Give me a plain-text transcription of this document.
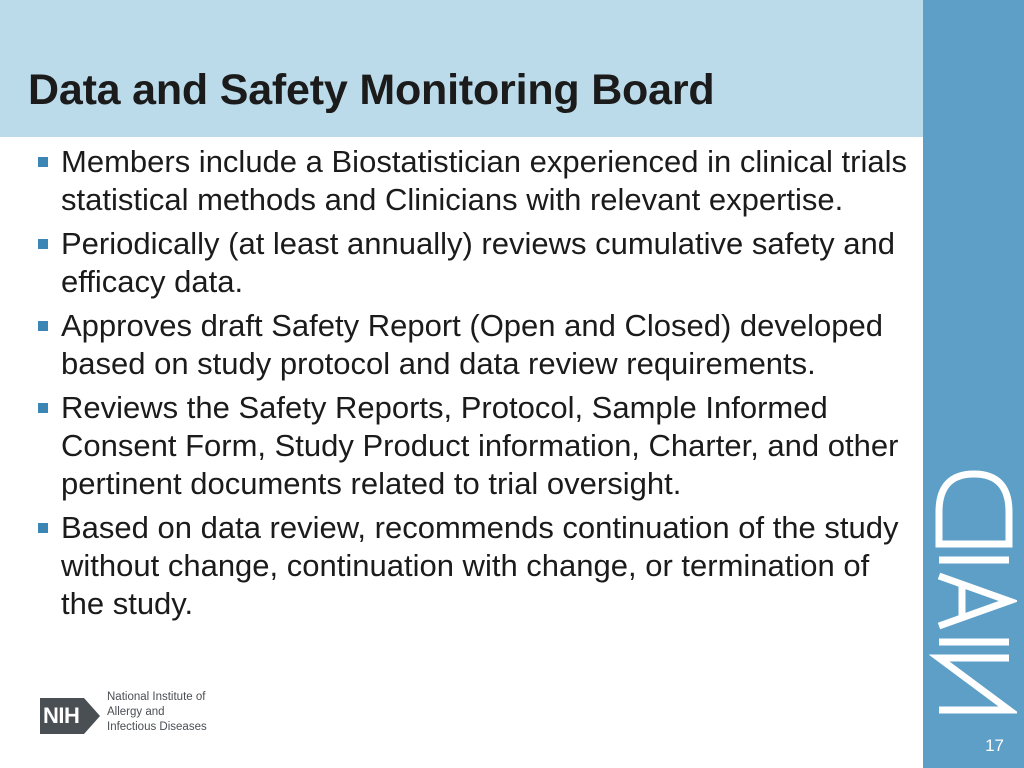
Data and Safety Monitoring Board
17
Members include a Biostatistician experienced in clinical trials statistical methods and Clinicians with relevant expertise.
Periodically (at least annually) reviews cumulative safety and efficacy data.
Approves draft Safety Report (Open and Closed) developed based on study protocol and data review requirements.
Reviews the Safety Reports, Protocol, Sample Informed Consent Form, Study Product information, Charter, and other pertinent documents related to trial oversight.
Based on data review, recommends continuation of the study without change, continuation with change, or termination of the study.
NIH
National Institute of
Allergy and
Infectious Diseases
